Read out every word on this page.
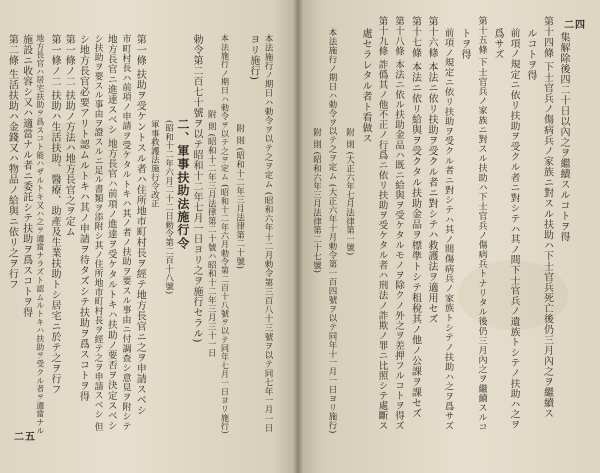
本法施行ノ期日ハ勅令ヲ以テ之ヲ定ム (昭和六年十二月勅令第三百八十三號ヲ以テ同七年一月一日
ヨリ施行)
附 則 (昭和十二年三月法律第二十號)
本法施行ノ期日ハ勅令ヲ以テ之ヲ定ム (昭和十二年六月勅令第二百十八號ヲ以テ同年七月一日ヨリ施行)
附 則 (昭和十二年三月法律第二十號ハ昭和十二年三月三十一日
勅令第二百七十號ヲ以テ昭和十二年七月一日ヨリ之ヲ施行セラル)
二、軍事扶助法施行令
(昭和十二年六月二十二日勅令第二百十八號)
軍事救護法施行令改正
第一條 扶助ヲ受ケントスル者ハ住所地市町村長ヲ經テ地方長官ニ之ヲ申請スベシ
市町村長ハ前項ノ申請ヲ受ケタルトキハ其ノ者ノ扶助ヲ要スル事由ニ付調查シ意見ヲ附シテ
地方長官ニ進達スベシ 地方長官ハ前項ノ進達ヲ受ケタルトキハ扶助ノ要否ヲ決定スベシ
シ扶助ヲ要スル事由ヲ證スルニ足ル書類ヲ添附シ其ノ住所地市町村長ヲ經テ之ヲ申請スベシ 但
シ地方長官必要アリト認ムルトキハ其ノ申請ヲ待タズシテ扶助ヲ爲スコトヲ得
第一條ノ二 扶助ノ方法ハ地方長官之ヲ定ム
第一條ノ二 扶助ハ生活扶助、醫療、助產及生業扶助トシ居宅ニ於テ之ヲ行フ
地方長官ハ居宅扶助ヲ爲スコト能ハザルトキ又ハ之ヲ適當ナラズト認ムルトキハ扶助ヲ受クル者ヲ適當ナル
施設ニ收容シ又ハ適當ナル者ニ委託シテ扶助ヲ爲スコトヲ得
第二條 生活扶助ハ金錢又ハ物品ノ給與ニ依リ之ヲ行フ
二五
集解除後四二十日以內之ヲ繼續スルコトヲ得
第十四條 下士官兵ノ傷病兵ノ家族ニ對スル扶助ハ下士官兵死亡後仍三月內之ヲ繼續ス
ルコトヲ得
前項ノ規定ニ依リ扶助ヲ受クル者ニ對シテハ其ノ間下士官兵ノ遺族トシテノ扶助ハ之ヲ
爲サズ
第十五條 下士官兵ノ家族ニ對スル扶助ハ下士官兵ノ傷病兵トナリタル後仍三月內之ヲ繼續スルコ
トヲ得
前項ノ規定ニ依リ扶助ヲ受クル者ニ對シテハ其ノ間傷病兵ノ家族トシテノ扶助ハ之ヲ爲サズ
第十六條 本法ニ依リ扶助ヲ受クル者ニ對シテハ救護法ヲ適用セズ
第十七條 本法ニ依リ給與ヲ受クタル扶助金品ヲ標準トシテ租稅其ノ他ノ公課ヲ課セズ
第十八條 本法ニ依ル扶助金品ハ既ニ給與ヲ受ケタルモノヲ除クノ外之ヲ差押フルコトヲ得ズ
第十九條 詐僞其ノ他不正ノ行爲ニ依リ扶助ヲ受ケタル者ハ刑法ノ詐欺ノ罪ニ比照シテ處斷ス
處セラレタル者ト看做ス
附 則 (大正六年七月法律第一號)
本法施行ノ期日ハ勅令ヲ以テ之ヲ定ム (大正六年十月勅令第一百四號ヲ以テ同年十一月一日ヨリ施行)
附 則 (昭和六年三月法律第二十七號)
二四
